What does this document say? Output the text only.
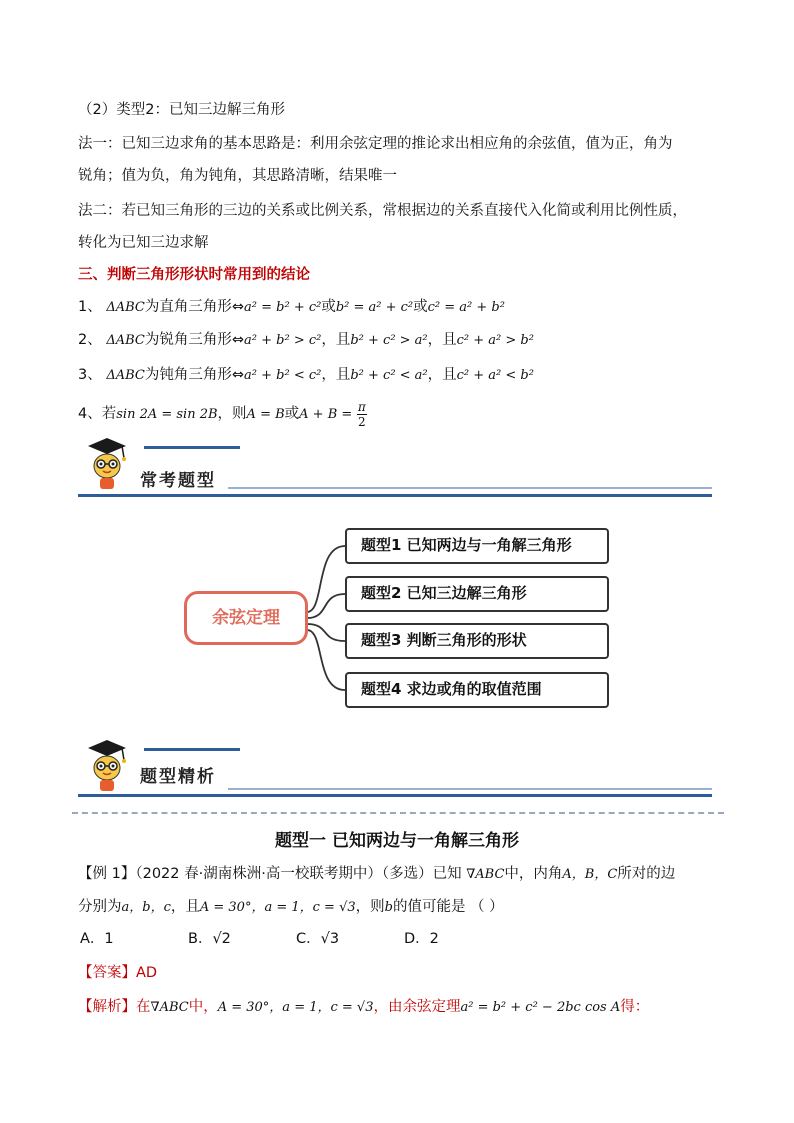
（2）类型2：已知三边解三角形
法一：已知三边求角的基本思路是：利用余弦定理的推论求出相应角的余弦值，值为正，角为
锐角；值为负，角为钝角，其思路清晰，结果唯一
法二：若已知三角形的三边的关系或比例关系，常根据边的关系直接代入化简或利用比例性质，
转化为已知三边求解
三、判断三角形形状时常用到的结论
1、 ΔABC为直角三角形⇔a² = b² + c²或b² = a² + c²或c² = a² + b²
2、 ΔABC为锐角三角形⇔a² + b² > c²，且b² + c² > a²，且c² + a² > b²
3、 ΔABC为钝角三角形⇔a² + b² < c²，且b² + c² < a²，且c² + a² < b²
4、若sin 2A = sin 2B，则A = B或$A + B = \frac{\pi}{2}$
常考题型
余弦定理
题型1 已知两边与一角解三角形
题型2 已知三边解三角形
题型3 判断三角形的形状
题型4 求边或角的取值范围
题型精析
题型一 已知两边与一角解三角形
【例 1】（2022 春·湖南株洲·高一校联考期中）（多选）已知 ∇ABC中，内角A，B，C所对的边
分别为a，b，c，且A = 30°，a = 1，c = √3，则b的值可能是 （ ）
A．1	B．√2	C．√3	D．2
【答案】AD
【解析】在∇ABC中，A = 30°，a = 1，c = √3，由余弦定理a² = b² + c² − 2bc cos A得：
